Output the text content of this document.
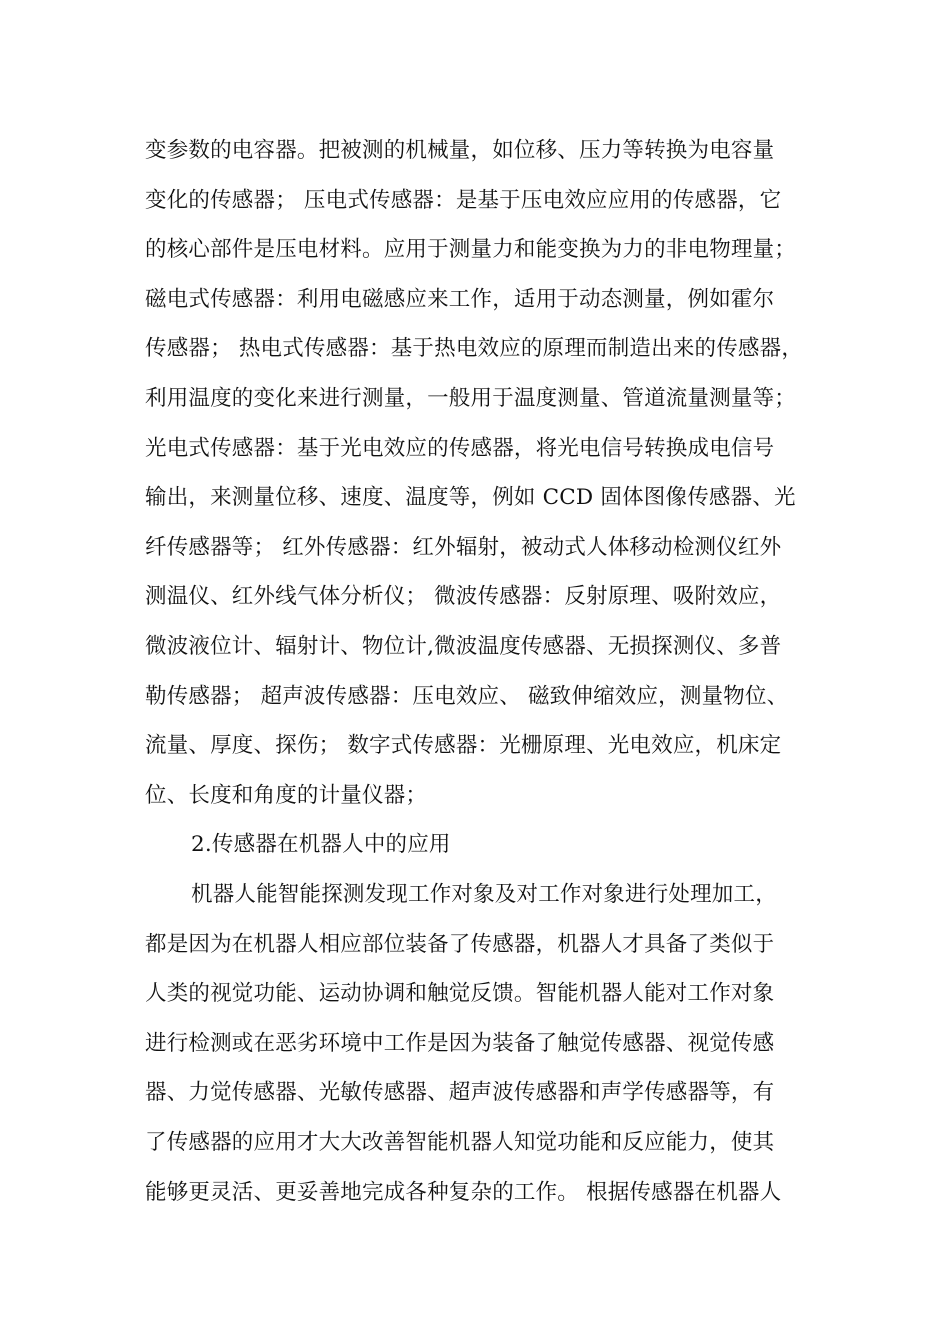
变参数的电容器。把被测的机械量，如位移、压力等转换为电容量
变化的传感器； 压电式传感器：是基于压电效应应用的传感器，它
的核心部件是压电材料。应用于测量力和能变换为力的非电物理量；
磁电式传感器：利用电磁感应来工作，适用于动态测量，例如霍尔
传感器； 热电式传感器：基于热电效应的原理而制造出来的传感器，
利用温度的变化来进行测量，一般用于温度测量、管道流量测量等；
光电式传感器：基于光电效应的传感器，将光电信号转换成电信号
输出，来测量位移、速度、温度等，例如 CCD 固体图像传感器、光
纤传感器等； 红外传感器：红外辐射，被动式人体移动检测仪红外
测温仪、红外线气体分析仪； 微波传感器：反射原理、吸附效应，
微波液位计、辐射计、物位计,微波温度传感器、无损探测仪、多普
勒传感器； 超声波传感器：压电效应、 磁致伸缩效应，测量物位、
流量、厚度、探伤； 数字式传感器：光栅原理、光电效应，机床定
位、长度和角度的计量仪器；
2.传感器在机器人中的应用
机器人能智能探测发现工作对象及对工作对象进行处理加工，
都是因为在机器人相应部位装备了传感器，机器人才具备了类似于
人类的视觉功能、运动协调和触觉反馈。智能机器人能对工作对象
进行检测或在恶劣环境中工作是因为装备了触觉传感器、视觉传感
器、力觉传感器、光敏传感器、超声波传感器和声学传感器等，有
了传感器的应用才大大改善智能机器人知觉功能和反应能力，使其
能够更灵活、更妥善地完成各种复杂的工作。 根据传感器在机器人
